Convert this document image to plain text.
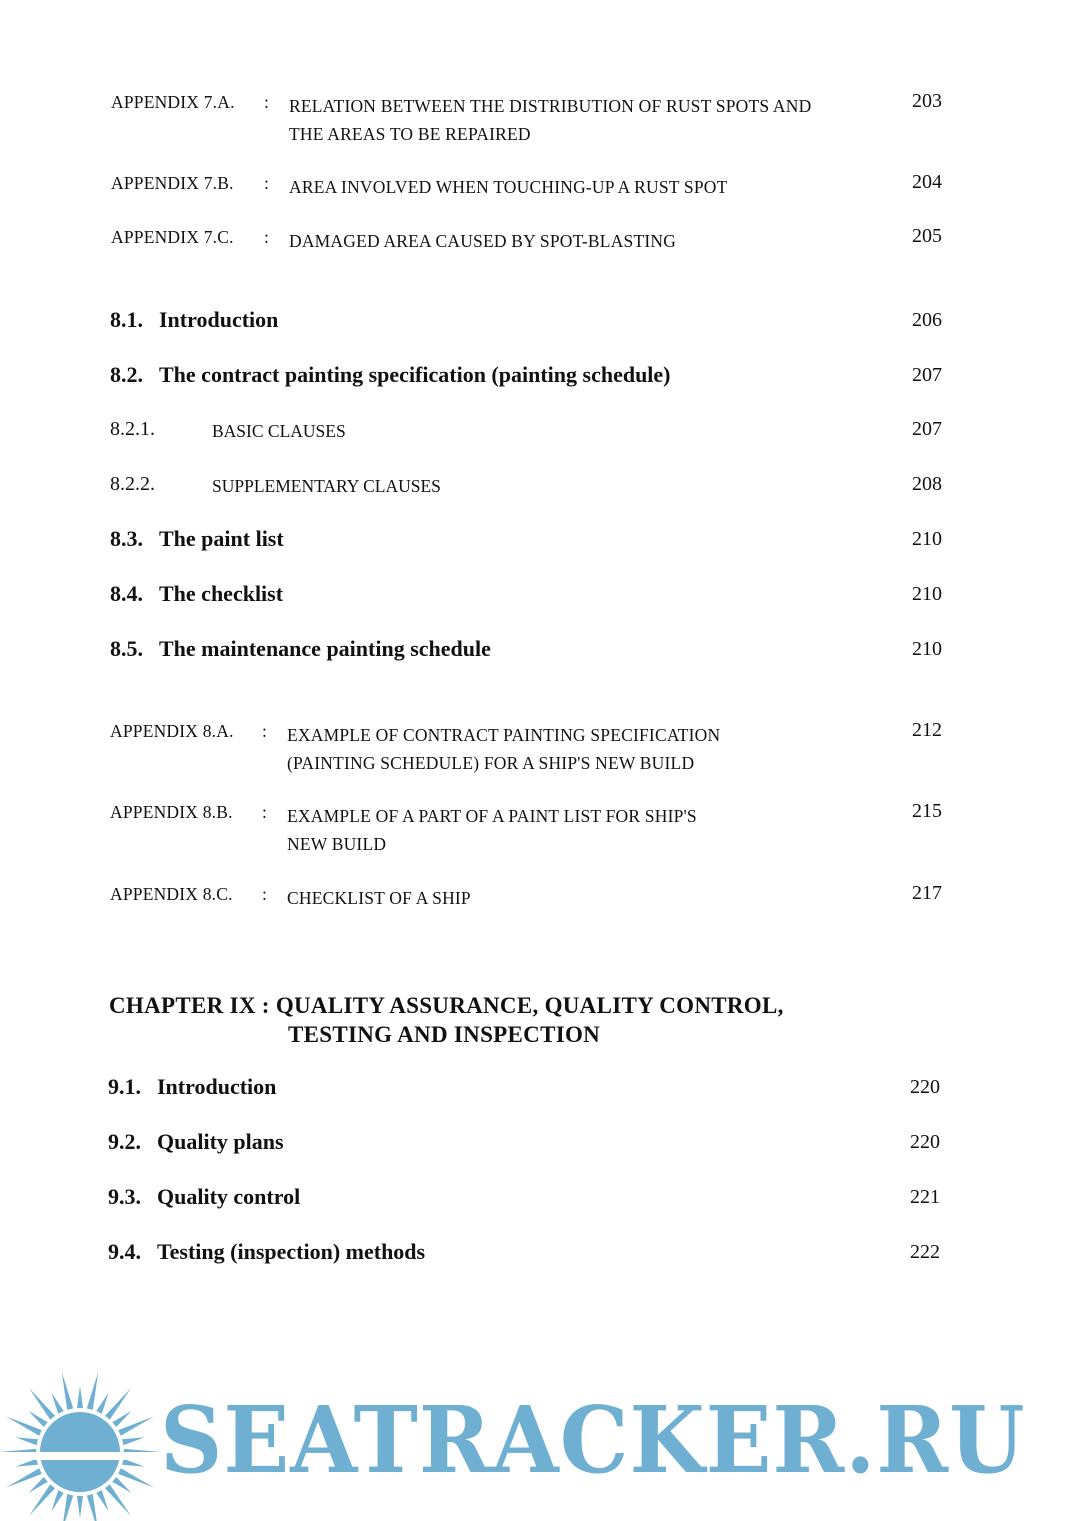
APPENDIX 7.A. : RELATION BETWEEN THE DISTRIBUTION OF RUST SPOTS AND
THE AREAS TO BE REPAIRED
203
APPENDIX 7.B. : AREA INVOLVED WHEN TOUCHING-UP A RUST SPOT	204
APPENDIX 7.C. : DAMAGED AREA CAUSED BY SPOT-BLASTING	205
8.1. Introduction	206
8.2. The contract painting specification (painting schedule)	207
8.2.1.	BASIC CLAUSES	207
8.2.2.	SUPPLEMENTARY CLAUSES	208
8.3. The paint list	210
8.4. The checklist	210
8.5. The maintenance painting schedule	210
APPENDIX 8.A. : EXAMPLE OF CONTRACT PAINTING SPECIFICATION
(PAINTING SCHEDULE) FOR A SHIP'S NEW BUILD
212
APPENDIX 8.B. : EXAMPLE OF A PART OF A PAINT LIST FOR SHIP'S
NEW BUILD
215
APPENDIX 8.C. : CHECKLIST OF A SHIP	217
CHAPTER IX : QUALITY ASSURANCE, QUALITY CONTROL,
TESTING AND INSPECTION
9.1. Introduction	220
9.2. Quality plans	220
9.3. Quality control	221
9.4. Testing (inspection) methods	222
SEATRACKER.RU
